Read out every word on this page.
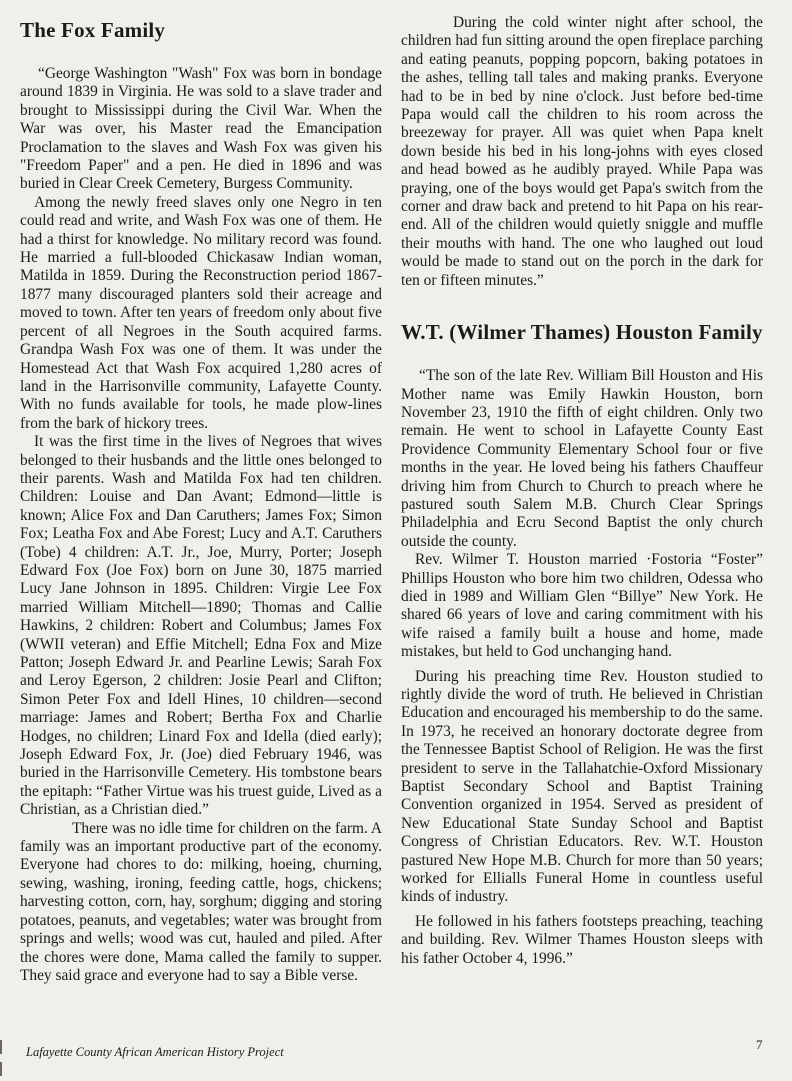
The Fox Family

“George Washington "Wash" Fox was born in bondage around 1839 in Virginia. He was sold to a slave trader and brought to Mississippi during the Civil War. When the War was over, his Master read the Emancipation Proclamation to the slaves and Wash Fox was given his "Freedom Paper" and a pen. He died in 1896 and was buried in Clear Creek Cemetery, Burgess Community.

Among the newly freed slaves only one Negro in ten could read and write, and Wash Fox was one of them. He had a thirst for knowledge. No military record was found. He married a full-blooded Chickasaw Indian woman, Matilda in 1859. During the Reconstruction period 1867-1877 many discouraged planters sold their acreage and moved to town. After ten years of freedom only about five percent of all Negroes in the South acquired farms. Grandpa Wash Fox was one of them. It was under the Homestead Act that Wash Fox acquired 1,280 acres of land in the Harrisonville community, Lafayette County. With no funds available for tools, he made plow-lines from the bark of hickory trees.

It was the first time in the lives of Negroes that wives belonged to their husbands and the little ones belonged to their parents. Wash and Matilda Fox had ten children. Children: Louise and Dan Avant; Edmond—little is known; Alice Fox and Dan Caruthers; James Fox; Simon Fox; Leatha Fox and Abe Forest; Lucy and A.T. Caruthers (Tobe) 4 children: A.T. Jr., Joe, Murry, Porter; Joseph Edward Fox (Joe Fox) born on June 30, 1875 married Lucy Jane Johnson in 1895. Children: Virgie Lee Fox married William Mitchell—1890; Thomas and Callie Hawkins, 2 children: Robert and Columbus; James Fox (WWII veteran) and Effie Mitchell; Edna Fox and Mize Patton; Joseph Edward Jr. and Pearline Lewis; Sarah Fox and Leroy Egerson, 2 children: Josie Pearl and Clifton; Simon Peter Fox and Idell Hines, 10 children—second marriage: James and Robert; Bertha Fox and Charlie Hodges, no children; Linard Fox and Idella (died early); Joseph Edward Fox, Jr. (Joe) died February 1946, was buried in the Harrisonville Cemetery. His tombstone bears the epitaph: “Father Virtue was his truest guide, Lived as a Christian, as a Christian died.”

There was no idle time for children on the farm. A family was an important productive part of the economy. Everyone had chores to do: milking, hoeing, churning, sewing, washing, ironing, feeding cattle, hogs, chickens; harvesting cotton, corn, hay, sorghum; digging and storing potatoes, peanuts, and vegetables; water was brought from springs and wells; wood was cut, hauled and piled. After the chores were done, Mama called the family to supper. They said grace and everyone had to say a Bible verse.

During the cold winter night after school, the children had fun sitting around the open fireplace parching and eating peanuts, popping popcorn, baking potatoes in the ashes, telling tall tales and making pranks. Everyone had to be in bed by nine o'clock. Just before bed-time Papa would call the children to his room across the breezeway for prayer. All was quiet when Papa knelt down beside his bed in his long-johns with eyes closed and head bowed as he audibly prayed. While Papa was praying, one of the boys would get Papa's switch from the corner and draw back and pretend to hit Papa on his rear-end. All of the children would quietly sniggle and muffle their mouths with hand. The one who laughed out loud would be made to stand out on the porch in the dark for ten or fifteen minutes.”

W.T. (Wilmer Thames) Houston Family

“The son of the late Rev. William Bill Houston and His Mother name was Emily Hawkin Houston, born November 23, 1910 the fifth of eight children. Only two remain. He went to school in Lafayette County East Providence Community Elementary School four or five months in the year. He loved being his fathers Chauffeur driving him from Church to Church to preach where he pastured south Salem M.B. Church Clear Springs Philadelphia and Ecru Second Baptist the only church outside the county.

Rev. Wilmer T. Houston married ·Fostoria “Foster” Phillips Houston who bore him two children, Odessa who died in 1989 and William Glen “Billye” New York. He shared 66 years of love and caring commitment with his wife raised a family built a house and home, made mistakes, but held to God unchanging hand.

During his preaching time Rev. Houston studied to rightly divide the word of truth. He believed in Christian Education and encouraged his membership to do the same. In 1973, he received an honorary doctorate degree from the Tennessee Baptist School of Religion. He was the first president to serve in the Tallahatchie-Oxford Missionary Baptist Secondary School and Baptist Training Convention organized in 1954. Served as president of New Educational State Sunday School and Baptist Congress of Christian Educators. Rev. W.T. Houston pastured New Hope M.B. Church for more than 50 years; worked for Ellialls Funeral Home in countless useful kinds of industry.

He followed in his fathers footsteps preaching, teaching and building. Rev. Wilmer Thames Houston sleeps with his father October 4, 1996.”

Lafayette County African American History Project	7
